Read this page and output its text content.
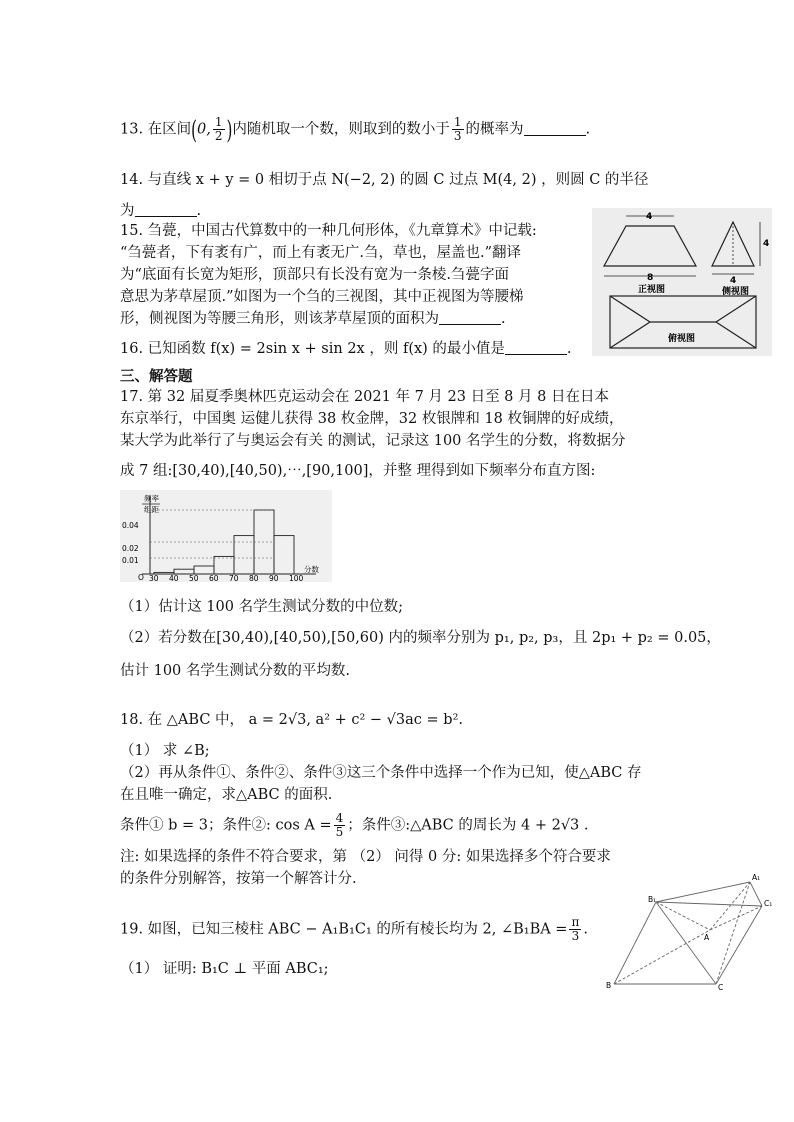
13. 在区间(0, $\frac{1}{2}$ )内随机取一个数，则取到的数小于 $\frac{1}{3}$ 的概率为	.
14. 与直线 x + y = 0 相切于点 N(−2, 2) 的圆 C 过点 M(4, 2) ，则圆 C 的半径
为	.
15. 刍甍，中国古代算数中的一种几何形体，《九章算术》中记载:
“刍甍者，下有袤有广，而上有袤无广.刍，草也，屋盖也.”翻译
为“底面有长宽为矩形，顶部只有长没有宽为一条棱.刍甍字面
意思为茅草屋顶.”如图为一个刍的三视图，其中正视图为等腰梯
形，侧视图为等腰三角形，则该茅草屋顶的面积为	.
4
8
正视图
4
4
侧视图
俯视图
16. 已知函数 f(x) = 2sin x + sin 2x ，则 f(x) 的最小值是	.
三、解答题
17. 第 32 届夏季奥林匹克运动会在 2021 年 7 月 23 日至 8 月 8 日在日本
东京举行，中国奥 运健儿获得 38 枚金牌，32 枚银牌和 18 枚铜牌的好成绩，
某大学为此举行了与奥运会有关 的测试，记录这 100 名学生的分数，将数据分
成 7 组:[30,40),[40,50),⋯,[90,100]，并整 理得到如下频率分布直方图:
频率
组距
O
0.04
0.02
0.01
30 40 50 60 70 80 90 100
分数
（1）估计这 100 名学生测试分数的中位数;
（2）若分数在[30,40),[40,50),[50,60) 内的频率分别为 p₁, p₂, p₃，且 2p₁ + p₂ = 0.05，
估计 100 名学生测试分数的平均数.
18. 在 △ABC 中， a = 2√3, a² + c² − √3ac = b².
（1） 求 ∠B;
（2）再从条件①、条件②、条件③这三个条件中选择一个作为已知，使△ABC 存
在且唯一确定，求△ABC 的面积.
条件① b = 3；条件②: $\cos A = \frac{4}{5}$ ；条件③:△ABC 的周长为 4 + 2√3 .
注: 如果选择的条件不符合要求，第 （2） 问得 0 分: 如果选择多个符合要求
的条件分别解答，按第一个解答计分.
19. 如图，已知三棱柱 ABC − A₁B₁C₁ 的所有棱长均为 2, ∠B₁BA = $\frac{\pi}{3}$ .
（1） 证明: B₁C ⊥ 平面 ABC₁;
B₁
A₁
C₁
B	C
A
